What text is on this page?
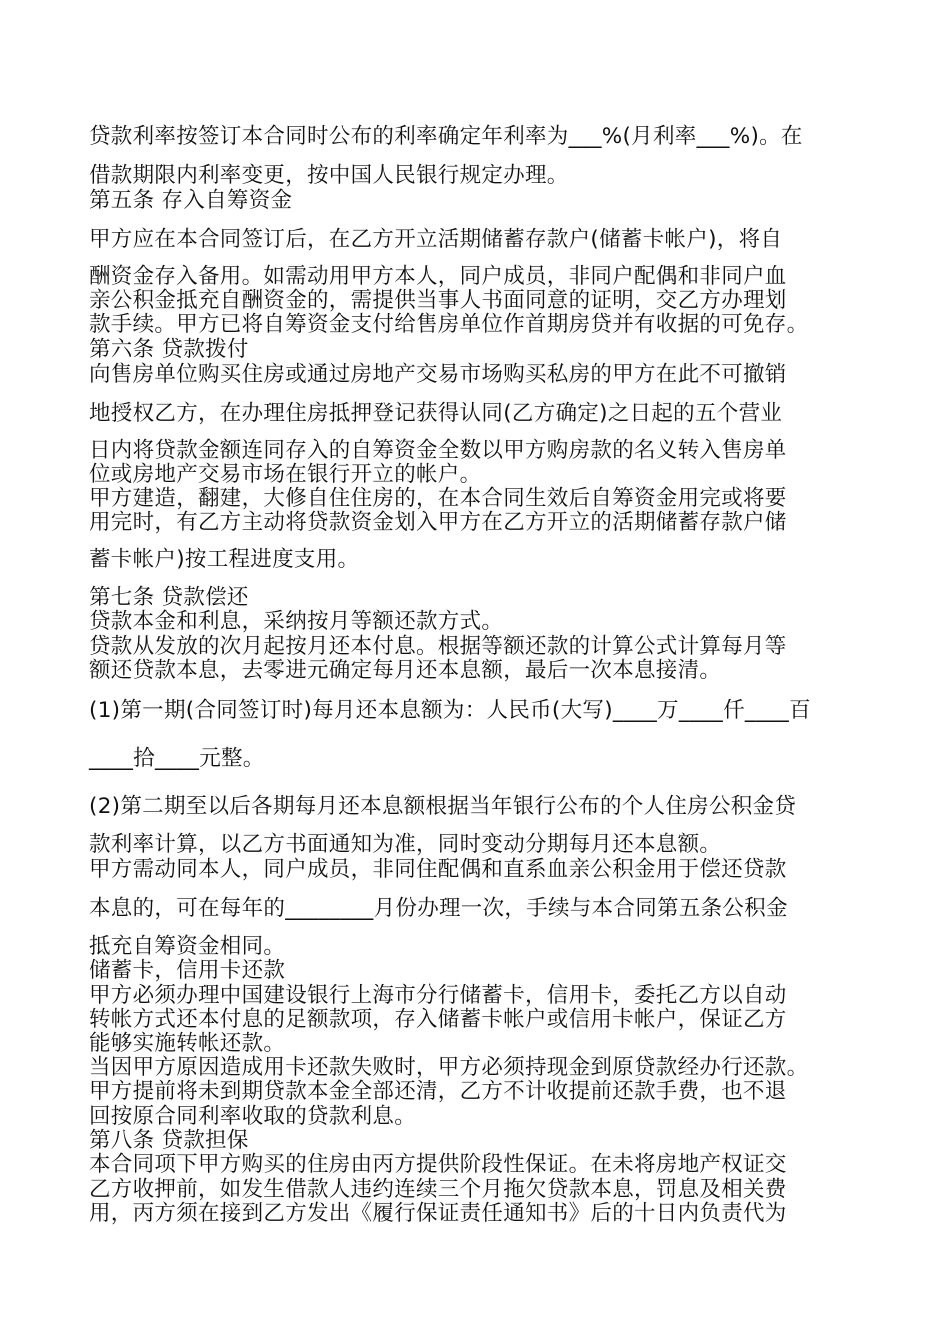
贷款利率按签订本合同时公布的利率确定年利率为___%(月利率___%)。在
借款期限内利率变更，按中国人民银行规定办理。
第五条 存入自筹资金
甲方应在本合同签订后，在乙方开立活期储蓄存款户(储蓄卡帐户)，将自
酬资金存入备用。如需动用甲方本人，同户成员，非同户配偶和非同户血
亲公积金抵充自酬资金的，需提供当事人书面同意的证明，交乙方办理划
款手续。甲方已将自筹资金支付给售房单位作首期房贷并有收据的可免存。
第六条 贷款拨付
向售房单位购买住房或通过房地产交易市场购买私房的甲方在此不可撤销
地授权乙方，在办理住房抵押登记获得认同(乙方确定)之日起的五个营业
日内将贷款金额连同存入的自筹资金全数以甲方购房款的名义转入售房单
位或房地产交易市场在银行开立的帐户。
甲方建造，翻建，大修自住住房的，在本合同生效后自筹资金用完或将要
用完时，有乙方主动将贷款资金划入甲方在乙方开立的活期储蓄存款户储
蓄卡帐户)按工程进度支用。
第七条 贷款偿还
贷款本金和利息，采纳按月等额还款方式。
贷款从发放的次月起按月还本付息。根据等额还款的计算公式计算每月等
额还贷款本息，去零进元确定每月还本息额，最后一次本息接清。
(1)第一期(合同签订时)每月还本息额为：人民币(大写)____万____仟____百
____拾____元整。
(2)第二期至以后各期每月还本息额根据当年银行公布的个人住房公积金贷
款利率计算，以乙方书面通知为准，同时变动分期每月还本息额。
甲方需动同本人，同户成员，非同住配偶和直系血亲公积金用于偿还贷款
本息的，可在每年的________月份办理一次，手续与本合同第五条公积金
抵充自筹资金相同。
储蓄卡，信用卡还款
甲方必须办理中国建设银行上海市分行储蓄卡，信用卡，委托乙方以自动
转帐方式还本付息的足额款项，存入储蓄卡帐户或信用卡帐户，保证乙方
能够实施转帐还款。
当因甲方原因造成用卡还款失败时，甲方必须持现金到原贷款经办行还款。
甲方提前将未到期贷款本金全部还清，乙方不计收提前还款手费，也不退
回按原合同利率收取的贷款利息。
第八条 贷款担保
本合同项下甲方购买的住房由丙方提供阶段性保证。在未将房地产权证交
乙方收押前，如发生借款人违约连续三个月拖欠贷款本息，罚息及相关费
用，丙方须在接到乙方发出《履行保证责任通知书》后的十日内负责代为
